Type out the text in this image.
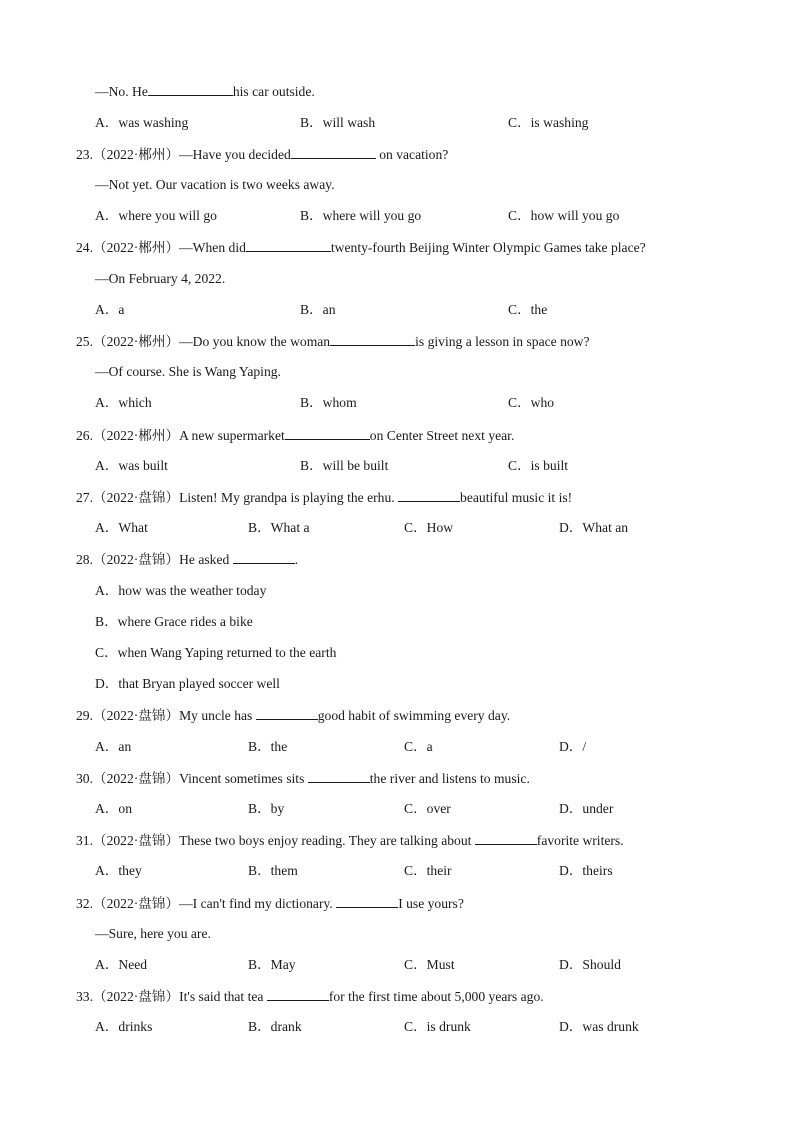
—No. He	his car outside.
A．was washing	B．will wash	C．is washing
23.（2022·郴州）—Have you decided	on vacation?
—Not yet. Our vacation is two weeks away.
A．where you will go	B．where will you go	C．how will you go
24.（2022·郴州）—When did	twenty-fourth Beijing Winter Olympic Games take place?
—On February 4, 2022.
A．a	B．an	C．the
25.（2022·郴州）—Do you know the woman	is giving a lesson in space now?
—Of course. She is Wang Yaping.
A．which	B．whom	C．who
26.（2022·郴州）A new supermarket	on Center Street next year.
A．was built	B．will be built	C．is built
27.（2022·盘锦）Listen! My grandpa is playing the erhu.	beautiful music it is!
A．What	B．What a	C．How	D．What an
28.（2022·盘锦）He asked	.
A．how was the weather today
B．where Grace rides a bike
C．when Wang Yaping returned to the earth
D．that Bryan played soccer well
29.（2022·盘锦）My uncle has	good habit of swimming every day.
A．an	B．the	C．a	D．/
30.（2022·盘锦）Vincent sometimes sits	the river and listens to music.
A．on	B．by	C．over	D．under
31.（2022·盘锦）These two boys enjoy reading. They are talking about	favorite writers.
A．they	B．them	C．their	D．theirs
32.（2022·盘锦）—I can't find my dictionary.	I use yours?
—Sure, here you are.
A．Need	B．May	C．Must	D．Should
33.（2022·盘锦）It's said that tea	for the first time about 5,000 years ago.
A．drinks	B．drank	C．is drunk	D．was drunk
